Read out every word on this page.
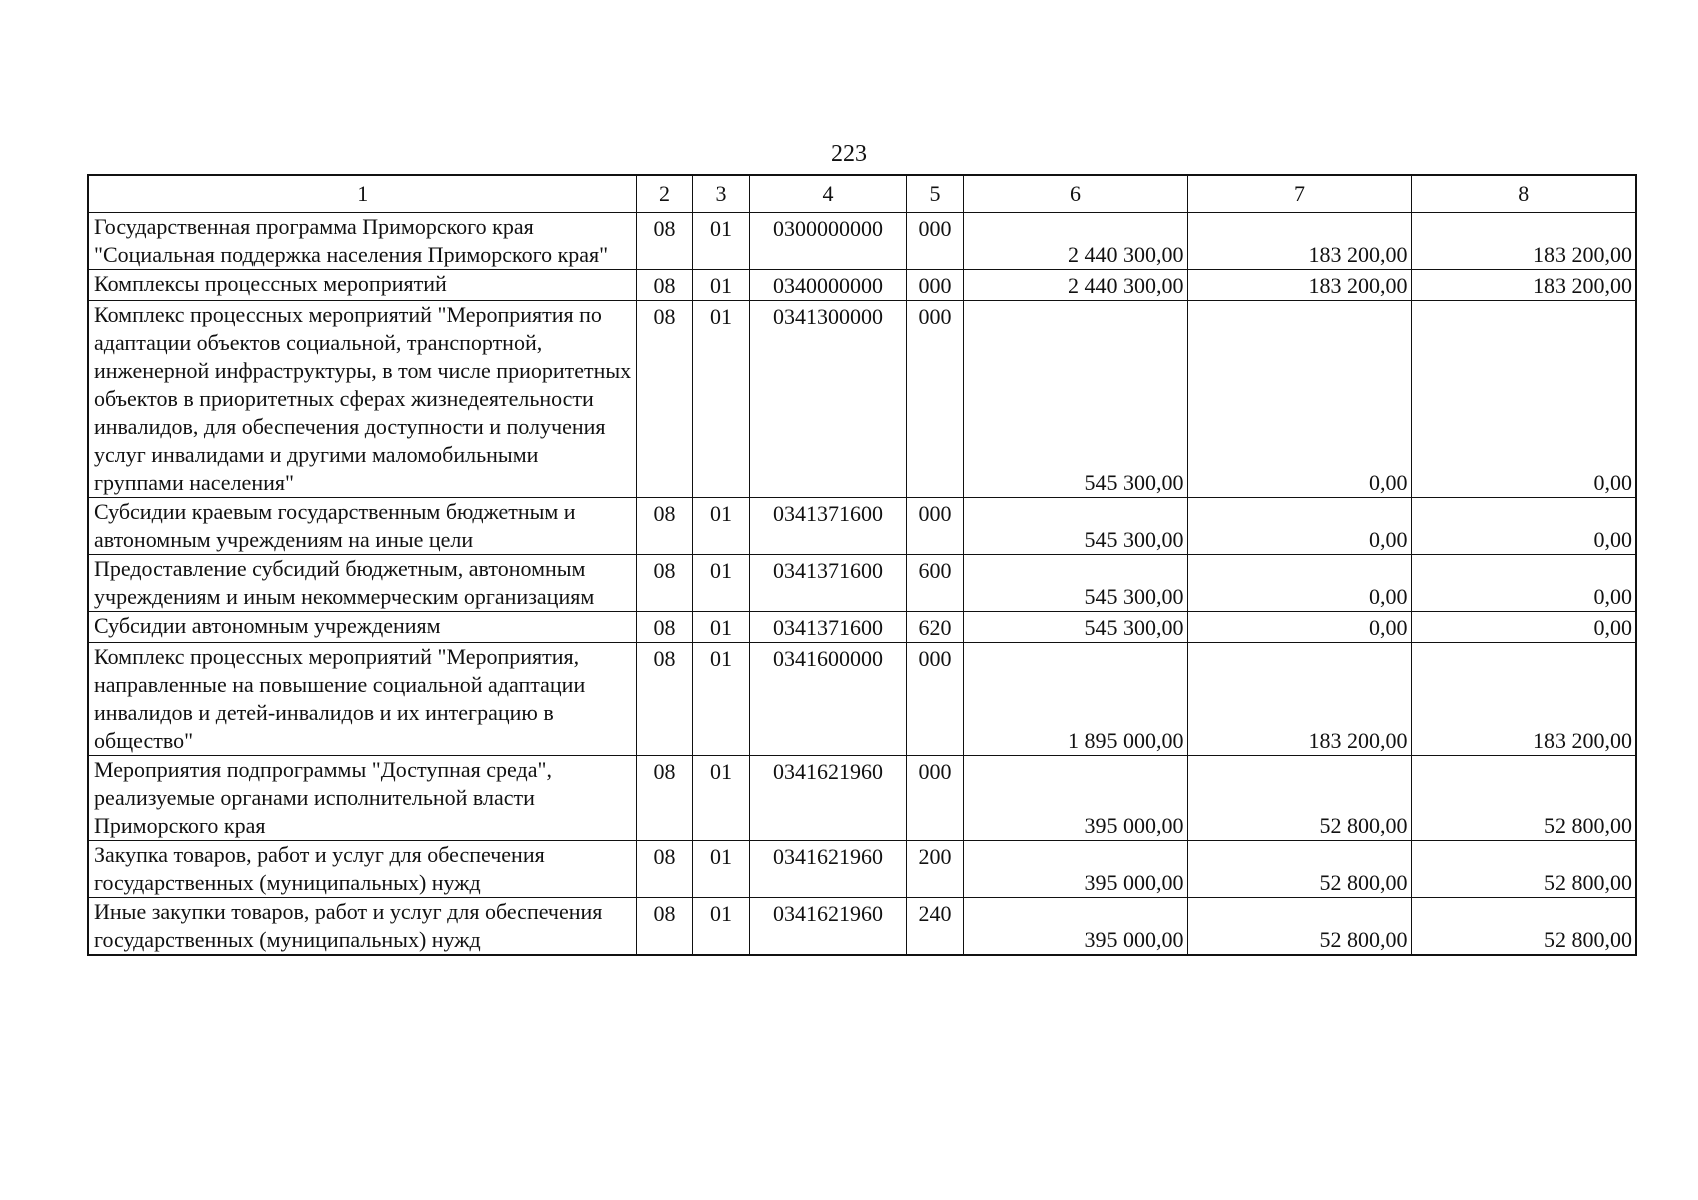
223
1	2	3	4	5	6	7	8
Государственная программа Приморского края "Социальная поддержка населения Приморского края"	08	01	0300000000	000	2 440 300,00	183 200,00	183 200,00
Комплексы процессных мероприятий	08	01	0340000000	000	2 440 300,00	183 200,00	183 200,00
Комплекс процессных мероприятий "Мероприятия по адаптации объектов социальной, транспортной, инженерной инфраструктуры, в том числе приоритетных объектов в приоритетных сферах жизнедеятельности инвалидов, для обеспечения доступности и получения услуг инвалидами и другими маломобильными группами населения"	08	01	0341300000	000	545 300,00	0,00	0,00
Субсидии краевым государственным бюджетным и автономным учреждениям на иные цели	08	01	0341371600	000	545 300,00	0,00	0,00
Предоставление субсидий бюджетным, автономным учреждениям и иным некоммерческим организациям	08	01	0341371600	600	545 300,00	0,00	0,00
Субсидии автономным учреждениям	08	01	0341371600	620	545 300,00	0,00	0,00
Комплекс процессных мероприятий "Мероприятия, направленные на повышение социальной адаптации инвалидов и детей-инвалидов и их интеграцию в общество"	08	01	0341600000	000	1 895 000,00	183 200,00	183 200,00
Мероприятия подпрограммы "Доступная среда", реализуемые органами исполнительной власти Приморского края	08	01	0341621960	000	395 000,00	52 800,00	52 800,00
Закупка товаров, работ и услуг для обеспечения государственных (муниципальных) нужд	08	01	0341621960	200	395 000,00	52 800,00	52 800,00
Иные закупки товаров, работ и услуг для обеспечения государственных (муниципальных) нужд	08	01	0341621960	240	395 000,00	52 800,00	52 800,00
